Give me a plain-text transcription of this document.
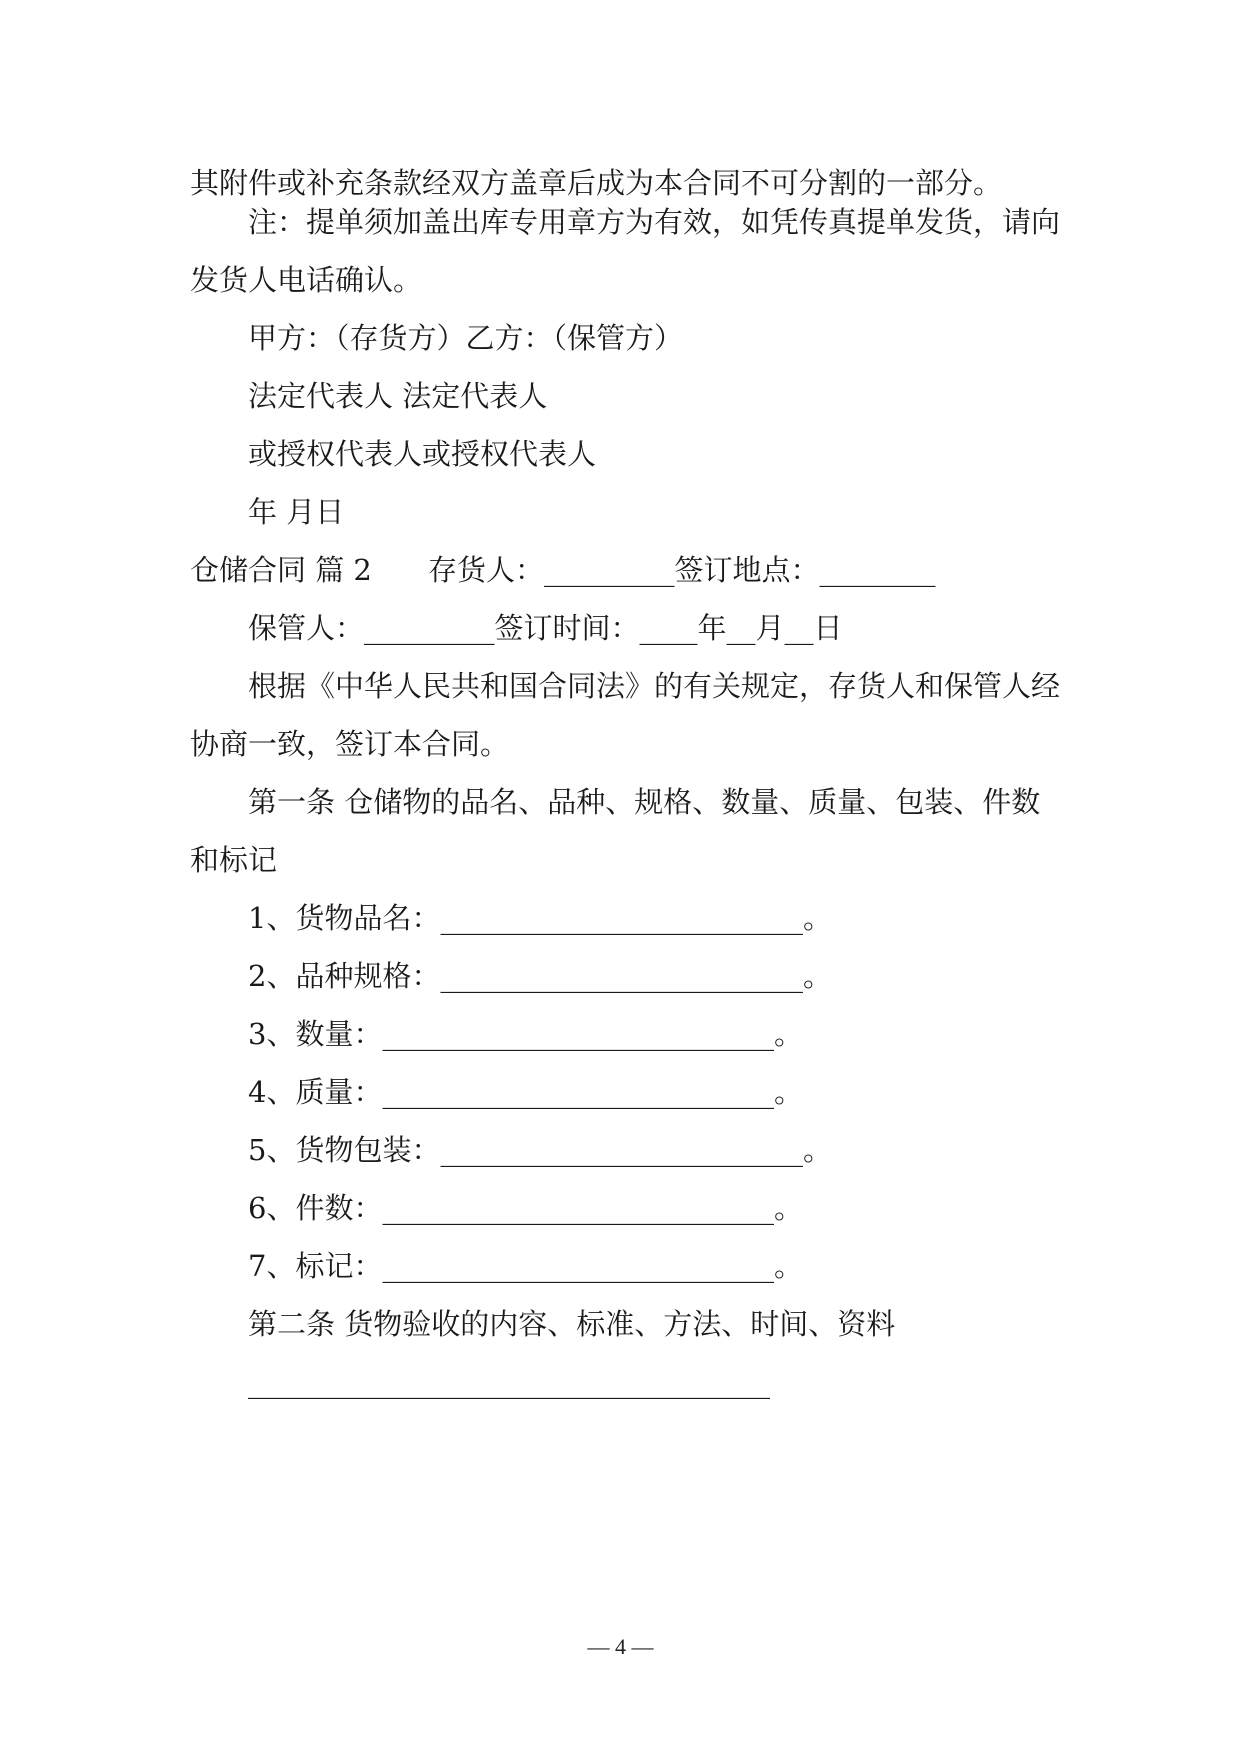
其附件或补充条款经双方盖章后成为本合同不可分割的一部分。
注：提单须加盖出库专用章方为有效，如凭传真提单发货，请向
发货人电话确认。
甲方：（存货方）乙方：（保管方）
法定代表人 法定代表人
或授权代表人或授权代表人
年 月日
仓储合同 篇 2 存货人：_________签订地点：________
保管人：_________签订时间：____年__月__日
根据《中华人民共和国合同法》的有关规定，存货人和保管人经
协商一致，签订本合同。
第一条 仓储物的品名、品种、规格、数量、质量、包装、件数
和标记
1、货物品名：_________________________。
2、品种规格：_________________________。
3、数量：___________________________。
4、质量：___________________________。
5、货物包装：_________________________。
6、件数：___________________________。
7、标记：___________________________。
第二条 货物验收的内容、标准、方法、时间、资料
____________________________________
— 4 —
